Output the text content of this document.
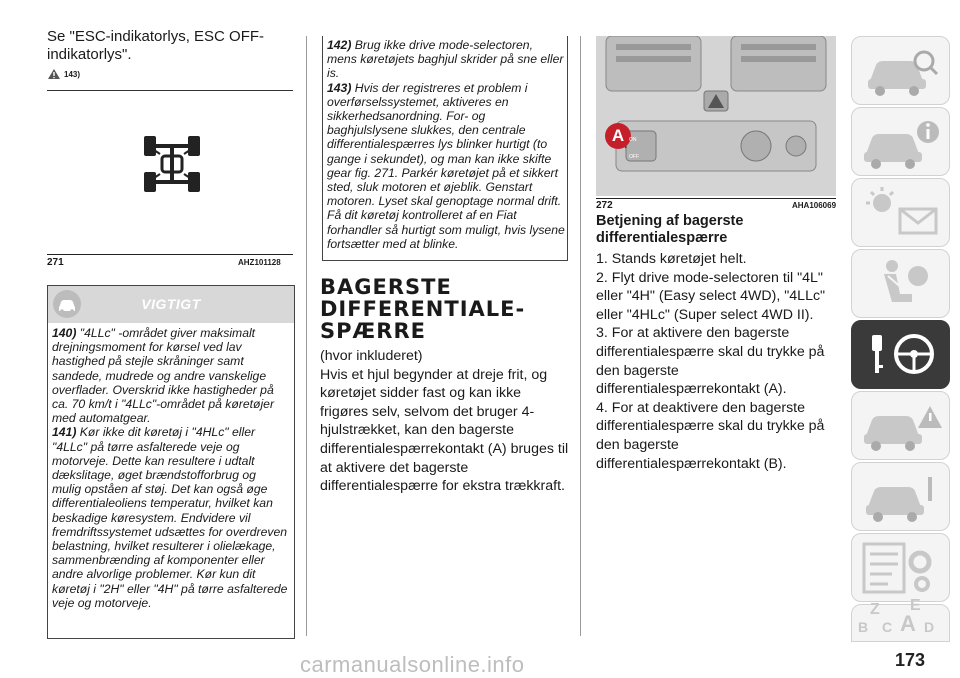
Se "ESC-indikatorlys, ESC OFF-indikatorlys".
143)
271	AHZ101128
VIGTIGT
140) "4LLc" -området giver maksimalt drejningsmoment for kørsel ved lav hastighed på stejle skråninger samt sandede, mudrede og andre vanskelige overflader. Overskrid ikke hastigheder på ca. 70 km/t i "4LLc"-området på køretøjer med automatgear.
141) Kør ikke dit køretøj i "4HLc" eller "4LLc" på tørre asfalterede veje og motorveje. Dette kan resultere i udtalt dækslitage, øget brændstofforbrug og mulig opståen af støj. Det kan også øge differentialeoliens temperatur, hvilket kan beskadige køresystem. Endvidere vil fremdriftssystemet udsættes for overdreven belastning, hvilket resulterer i olielækage, sammenbrænding af komponenter eller andre alvorlige problemer. Kør kun dit køretøj i "2H" eller "4H" på tørre asfalterede veje og motorveje.
142) Brug ikke drive mode-selectoren, mens køretøjets baghjul skrider på sne eller is.
143) Hvis der registreres et problem i overførselssystemet, aktiveres en sikkerhedsanordning. For- og baghjulslysene slukkes, den centrale differentialespærres lys blinker hurtigt (to gange i sekundet), og man kan ikke skifte gear fig. 271. Parkér køretøjet på et sikkert sted, sluk motoren et øjeblik. Genstart motoren. Lyset skal genoptage normal drift. Få dit køretøj kontrolleret af en Fiat forhandler så hurtigt som muligt, hvis lysene fortsætter med at blinke.
BAGERSTE DIFFERENTIALE-SPÆRRE
(hvor inkluderet)
Hvis et hjul begynder at dreje frit, og køretøjet sidder fast og kan ikke frigøres selv, selvom det bruger 4-hjulstrækket, kan den bagerste differentialespærrekontakt (A) bruges til at aktivere det bagerste differentialespærre for ekstra trækkraft.
A ON
OFF
272	AHA106069
Betjening af bagerste differentialespærre
1. Stands køretøjet helt.
2. Flyt drive mode-selectoren til "4L" eller "4H" (Easy select 4WD), "4LLc" eller "4HLc" (Super select 4WD II).
3. For at aktivere den bagerste differentialespærre skal du trykke på den bagerste differentialespærrekontakt (A).
4. For at deaktivere den bagerste differentialespærre skal du trykke på den bagerste differentialespærrekontakt (B).
Z E
B C A D
173
carmanualsonline.info
